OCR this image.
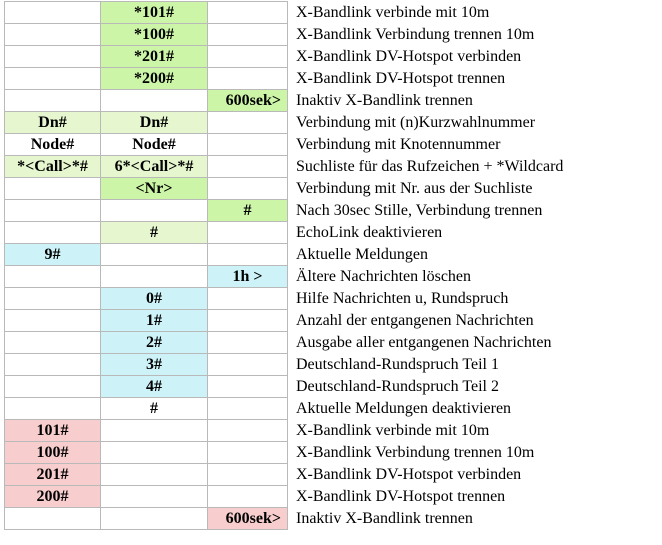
	*101#		X-Bandlink verbinde mit 10m
	*100#		X-Bandlink Verbindung trennen 10m
	*201#		X-Bandlink DV-Hotspot verbinden
	*200#		X-Bandlink DV-Hotspot trennen
		600sek>	Inaktiv X-Bandlink trennen
Dn#	Dn#		Verbindung mit (n)Kurzwahlnummer
Node#	Node#		Verbindung mit Knotennummer
*<Call>*#	6*<Call>*#		Suchliste für das Rufzeichen + *Wildcard
	<Nr>		Verbindung mit Nr. aus der Suchliste
		#	Nach 30sec Stille, Verbindung trennen
	#		EchoLink deaktivieren
9#			Aktuelle Meldungen
		1h >	Ältere Nachrichten löschen
	0#		Hilfe Nachrichten u, Rundspruch
	1#		Anzahl der entgangenen Nachrichten
	2#		Ausgabe aller entgangenen Nachrichten
	3#		Deutschland-Rundspruch Teil 1
	4#		Deutschland-Rundspruch Teil 2
	#		Aktuelle Meldungen deaktivieren
101#			X-Bandlink verbinde mit 10m
100#			X-Bandlink Verbindung trennen 10m
201#			X-Bandlink DV-Hotspot verbinden
200#			X-Bandlink DV-Hotspot trennen
		600sek>	Inaktiv X-Bandlink trennen
